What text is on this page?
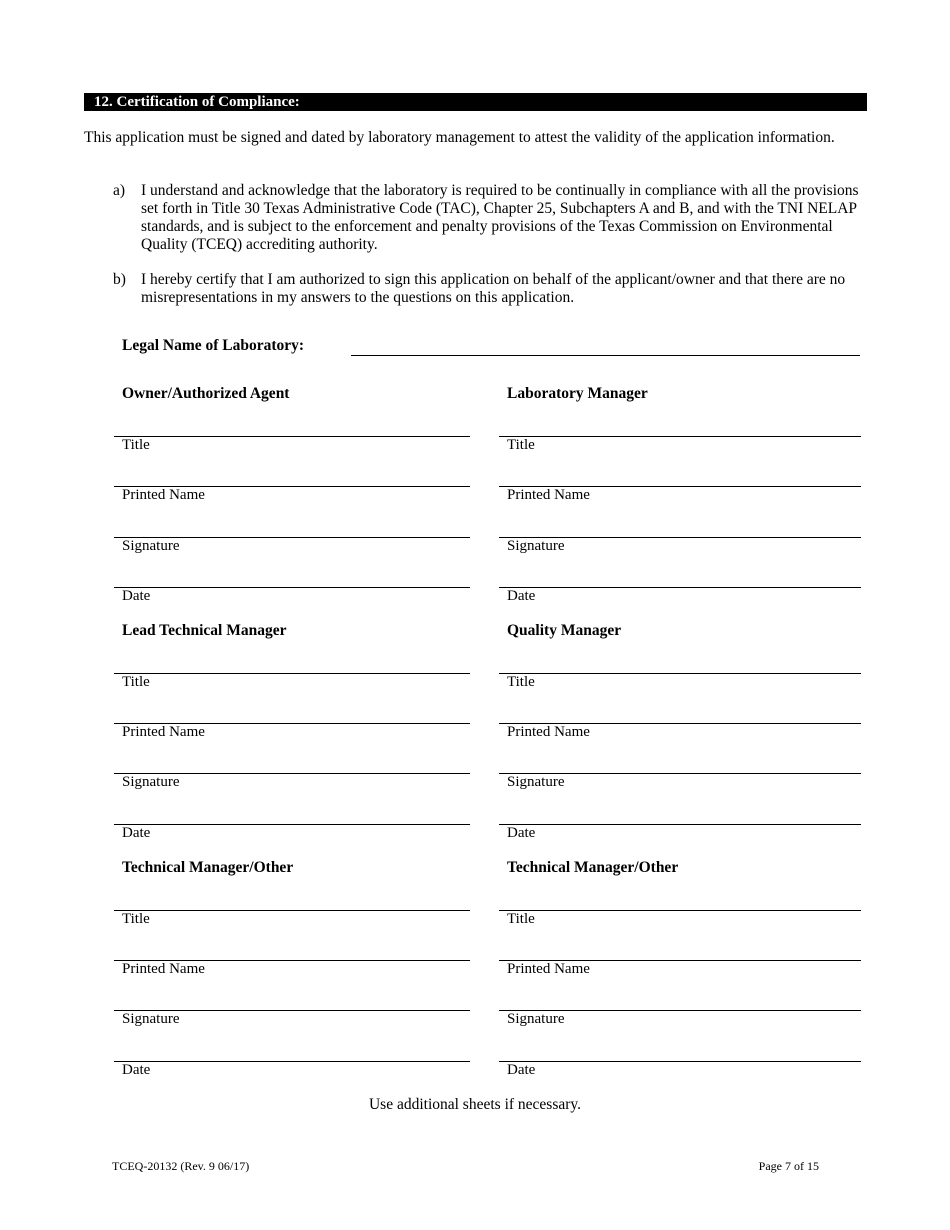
12. Certification of Compliance:
This application must be signed and dated by laboratory management to attest the validity of the application information.
a) I understand and acknowledge that the laboratory is required to be continually in compliance with all the provisions set forth in Title 30 Texas Administrative Code (TAC), Chapter 25, Subchapters A and B, and with the TNI NELAP standards, and is subject to the enforcement and penalty provisions of the Texas Commission on Environmental Quality (TCEQ) accrediting authority.
b) I hereby certify that I am authorized to sign this application on behalf of the applicant/owner and that there are no misrepresentations in my answers to the questions on this application.
Legal Name of Laboratory:
Owner/Authorized Agent
Title
Printed Name
Signature
Date
Laboratory Manager
Title
Printed Name
Signature
Date
Lead Technical Manager
Title
Printed Name
Signature
Date
Quality Manager
Title
Printed Name
Signature
Date
Technical Manager/Other
Title
Printed Name
Signature
Date
Technical Manager/Other
Title
Printed Name
Signature
Date
Use additional sheets if necessary.
TCEQ-20132 (Rev. 9 06/17)	Page 7 of 15
